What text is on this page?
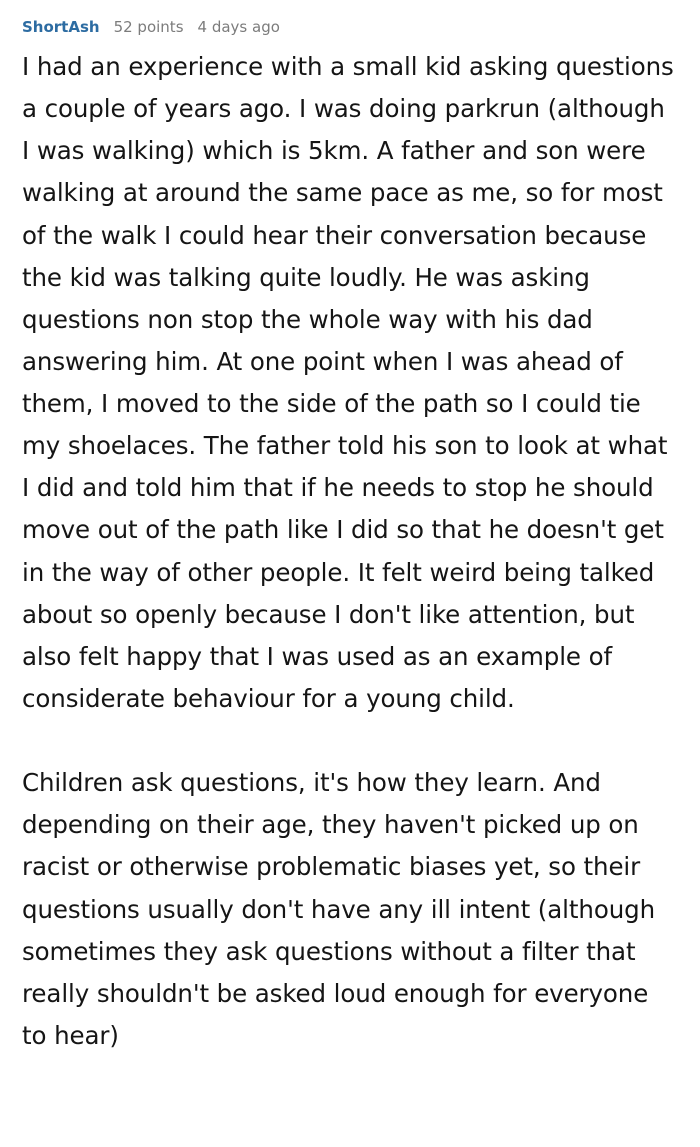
ShortAsh 52 points 4 days ago

I had an experience with a small kid asking questions a couple of years ago. I was doing parkrun (although I was walking) which is 5km. A father and son were walking at around the same pace as me, so for most of the walk I could hear their conversation because the kid was talking quite loudly. He was asking questions non stop the whole way with his dad answering him. At one point when I was ahead of them, I moved to the side of the path so I could tie my shoelaces. The father told his son to look at what I did and told him that if he needs to stop he should move out of the path like I did so that he doesn't get in the way of other people. It felt weird being talked about so openly because I don't like attention, but also felt happy that I was used as an example of considerate behaviour for a young child.

Children ask questions, it's how they learn. And depending on their age, they haven't picked up on racist or otherwise problematic biases yet, so their questions usually don't have any ill intent (although sometimes they ask questions without a filter that really shouldn't be asked loud enough for everyone to hear)
